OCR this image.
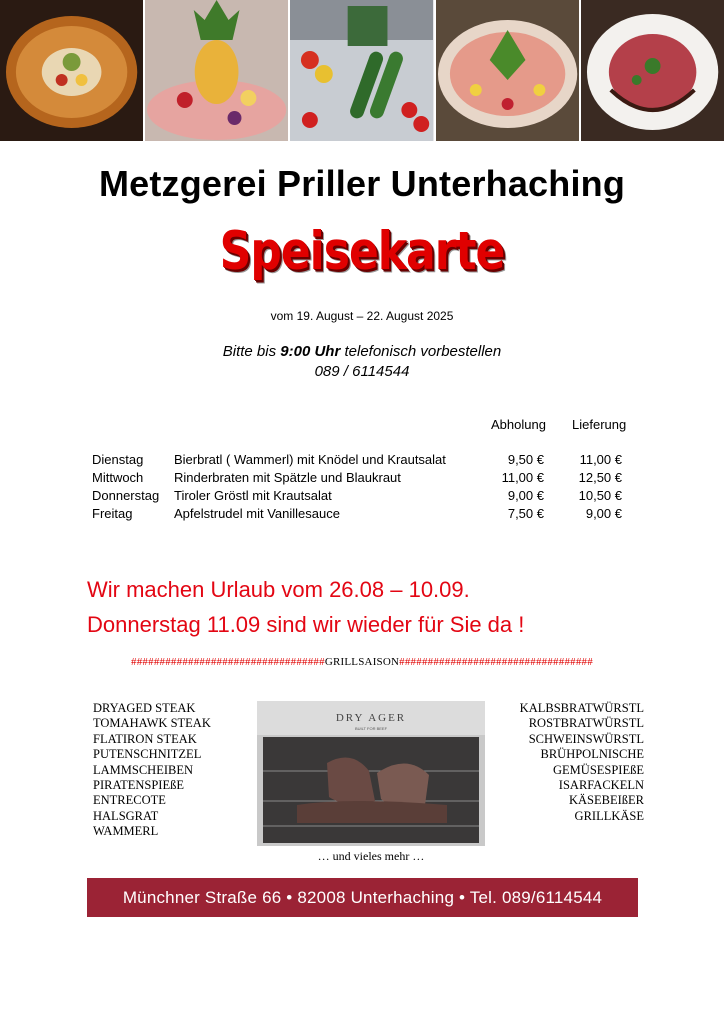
Metzgerei Priller Unterhaching
Speisekarte
vom 19. August – 22. August 2025
Bitte bis 9:00 Uhr telefonisch vorbestellen
089 / 6114544
Abholung Lieferung
Dienstag Bierbratl ( Wammerl) mit Knödel und Krautsalat	9,50 €	11,00 €
Mittwoch Rinderbraten mit Spätzle und Blaukraut	11,00 €	12,50 €
Donnerstag Tiroler Gröstl mit Krautsalat	9,00 €	10,50 €
Freitag	Apfelstrudel mit Vanillesauce	7,50 €	9,00 €
Wir machen Urlaub vom 26.08 – 10.09.
Donnerstag 11.09 sind wir wieder für Sie da !
##################################GRILLSAISON##################################
DRYAGED STEAK
TOMAHAWK STEAK
FLATIRON STEAK
PUTENSCHNITZEL
LAMMSCHEIBEN
PIRATENSPIEßE
ENTRECOTE
HALSGRAT
WAMMERL
DRY AGER
BUILT FOR BEEF
… und vieles mehr …
KALBSBRATWÜRSTL
ROSTBRATWÜRSTL
SCHWEINSWÜRSTL
BRÜHPOLNISCHE
GEMÜSESPIEßE
ISARFACKELN
KÄSEBEIßER
GRILLKÄSE
Münchner Straße 66 • 82008 Unterhaching • Tel. 089/6114544
